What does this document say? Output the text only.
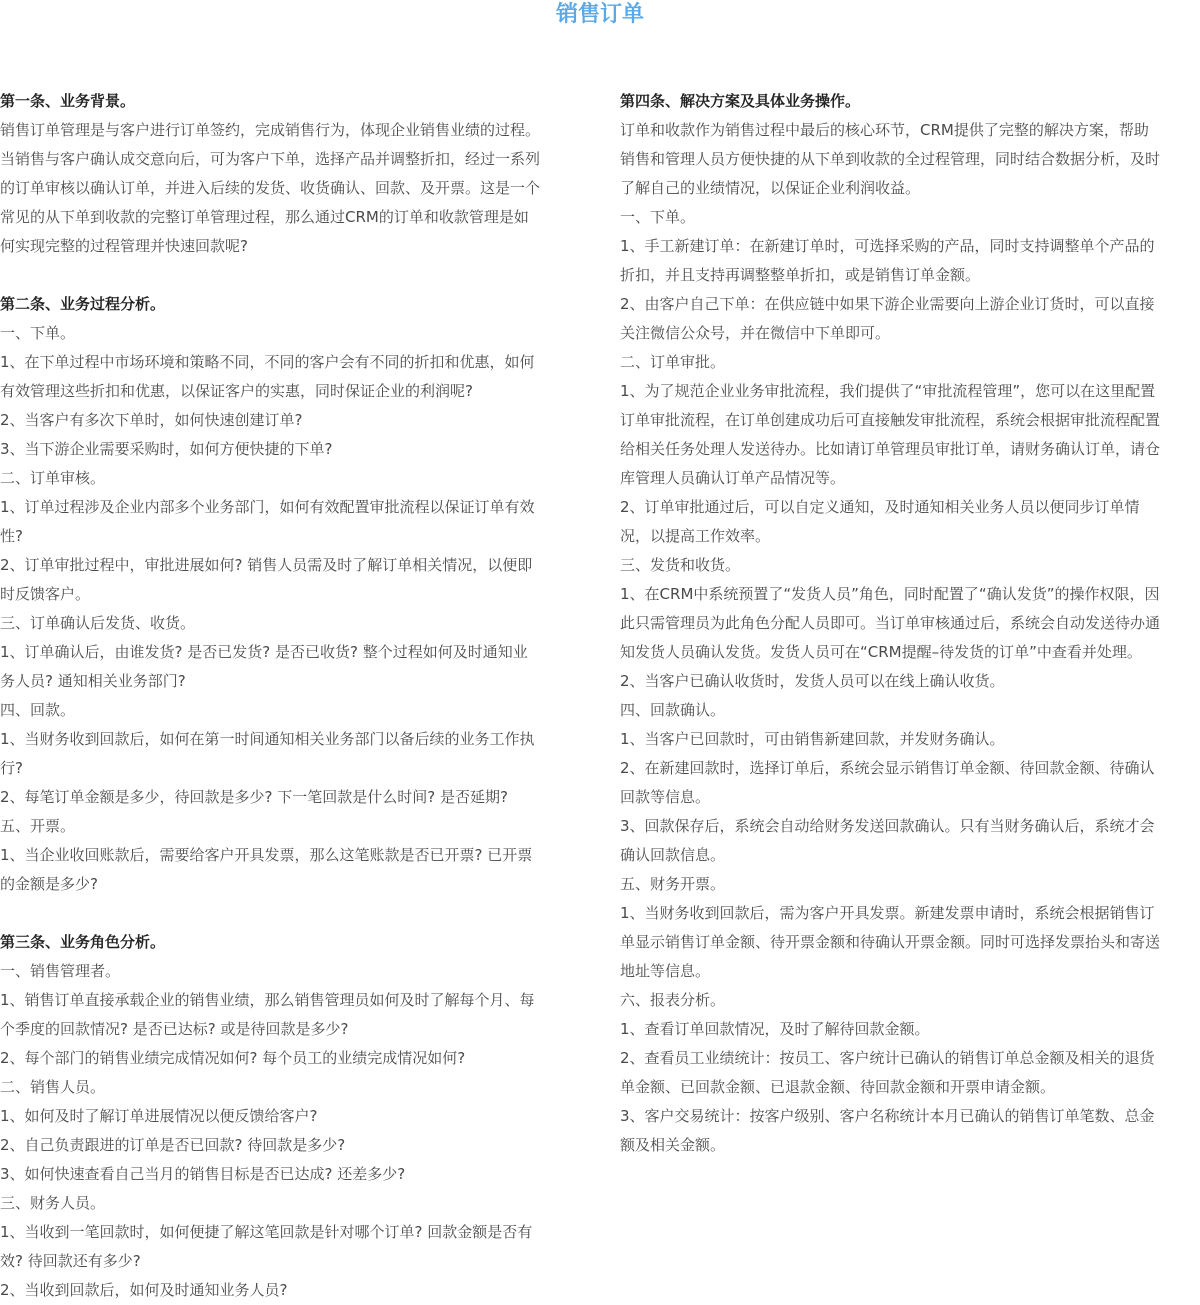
销售订单
第一条、业务背景。
销售订单管理是与客户进行订单签约，完成销售行为，体现企业销售业绩的过程。
当销售与客户确认成交意向后，可为客户下单，选择产品并调整折扣，经过一系列
的订单审核以确认订单，并进入后续的发货、收货确认、回款、及开票。这是一个
常见的从下单到收款的完整订单管理过程，那么通过CRM的订单和收款管理是如
何实现完整的过程管理并快速回款呢?
第二条、业务过程分析。
一、下单。
1、在下单过程中市场环境和策略不同，不同的客户会有不同的折扣和优惠，如何
有效管理这些折扣和优惠，以保证客户的实惠，同时保证企业的利润呢?
2、当客户有多次下单时，如何快速创建订单?
3、当下游企业需要采购时，如何方便快捷的下单?
二、订单审核。
1、订单过程涉及企业内部多个业务部门，如何有效配置审批流程以保证订单有效
性?
2、订单审批过程中，审批进展如何? 销售人员需及时了解订单相关情况，以便即
时反馈客户。
三、订单确认后发货、收货。
1、订单确认后，由谁发货? 是否已发货? 是否已收货? 整个过程如何及时通知业
务人员? 通知相关业务部门?
四、回款。
1、当财务收到回款后，如何在第一时间通知相关业务部门以备后续的业务工作执
行?
2、每笔订单金额是多少，待回款是多少? 下一笔回款是什么时间? 是否延期?
五、开票。
1、当企业收回账款后，需要给客户开具发票，那么这笔账款是否已开票? 已开票
的金额是多少?
第三条、业务角色分析。
一、销售管理者。
1、销售订单直接承载企业的销售业绩，那么销售管理员如何及时了解每个月、每
个季度的回款情况? 是否已达标? 或是待回款是多少?
2、每个部门的销售业绩完成情况如何? 每个员工的业绩完成情况如何?
二、销售人员。
1、如何及时了解订单进展情况以便反馈给客户?
2、自己负责跟进的订单是否已回款? 待回款是多少?
3、如何快速查看自己当月的销售目标是否已达成? 还差多少?
三、财务人员。
1、当收到一笔回款时，如何便捷了解这笔回款是针对哪个订单? 回款金额是否有
效? 待回款还有多少?
2、当收到回款后，如何及时通知业务人员?
第四条、解决方案及具体业务操作。
订单和收款作为销售过程中最后的核心环节，CRM提供了完整的解决方案，帮助
销售和管理人员方便快捷的从下单到收款的全过程管理，同时结合数据分析，及时
了解自己的业绩情况，以保证企业利润收益。
一、下单。
1、手工新建订单：在新建订单时，可选择采购的产品，同时支持调整单个产品的
折扣，并且支持再调整整单折扣，或是销售订单金额。
2、由客户自己下单：在供应链中如果下游企业需要向上游企业订货时，可以直接
关注微信公众号，并在微信中下单即可。
二、订单审批。
1、为了规范企业业务审批流程，我们提供了“审批流程管理”，您可以在这里配置
订单审批流程，在订单创建成功后可直接触发审批流程，系统会根据审批流程配置
给相关任务处理人发送待办。比如请订单管理员审批订单，请财务确认订单，请仓
库管理人员确认订单产品情况等。
2、订单审批通过后，可以自定义通知，及时通知相关业务人员以便同步订单情
况，以提高工作效率。
三、发货和收货。
1、在CRM中系统预置了“发货人员”角色，同时配置了“确认发货”的操作权限，因
此只需管理员为此角色分配人员即可。当订单审核通过后，系统会自动发送待办通
知发货人员确认发货。发货人员可在“CRM提醒–待发货的订单”中查看并处理。
2、当客户已确认收货时，发货人员可以在线上确认收货。
四、回款确认。
1、当客户已回款时，可由销售新建回款，并发财务确认。
2、在新建回款时，选择订单后，系统会显示销售订单金额、待回款金额、待确认
回款等信息。
3、回款保存后，系统会自动给财务发送回款确认。只有当财务确认后，系统才会
确认回款信息。
五、财务开票。
1、当财务收到回款后，需为客户开具发票。新建发票申请时，系统会根据销售订
单显示销售订单金额、待开票金额和待确认开票金额。同时可选择发票抬头和寄送
地址等信息。
六、报表分析。
1、查看订单回款情况，及时了解待回款金额。
2、查看员工业绩统计：按员工、客户统计已确认的销售订单总金额及相关的退货
单金额、已回款金额、已退款金额、待回款金额和开票申请金额。
3、客户交易统计：按客户级别、客户名称统计本月已确认的销售订单笔数、总金
额及相关金额。
